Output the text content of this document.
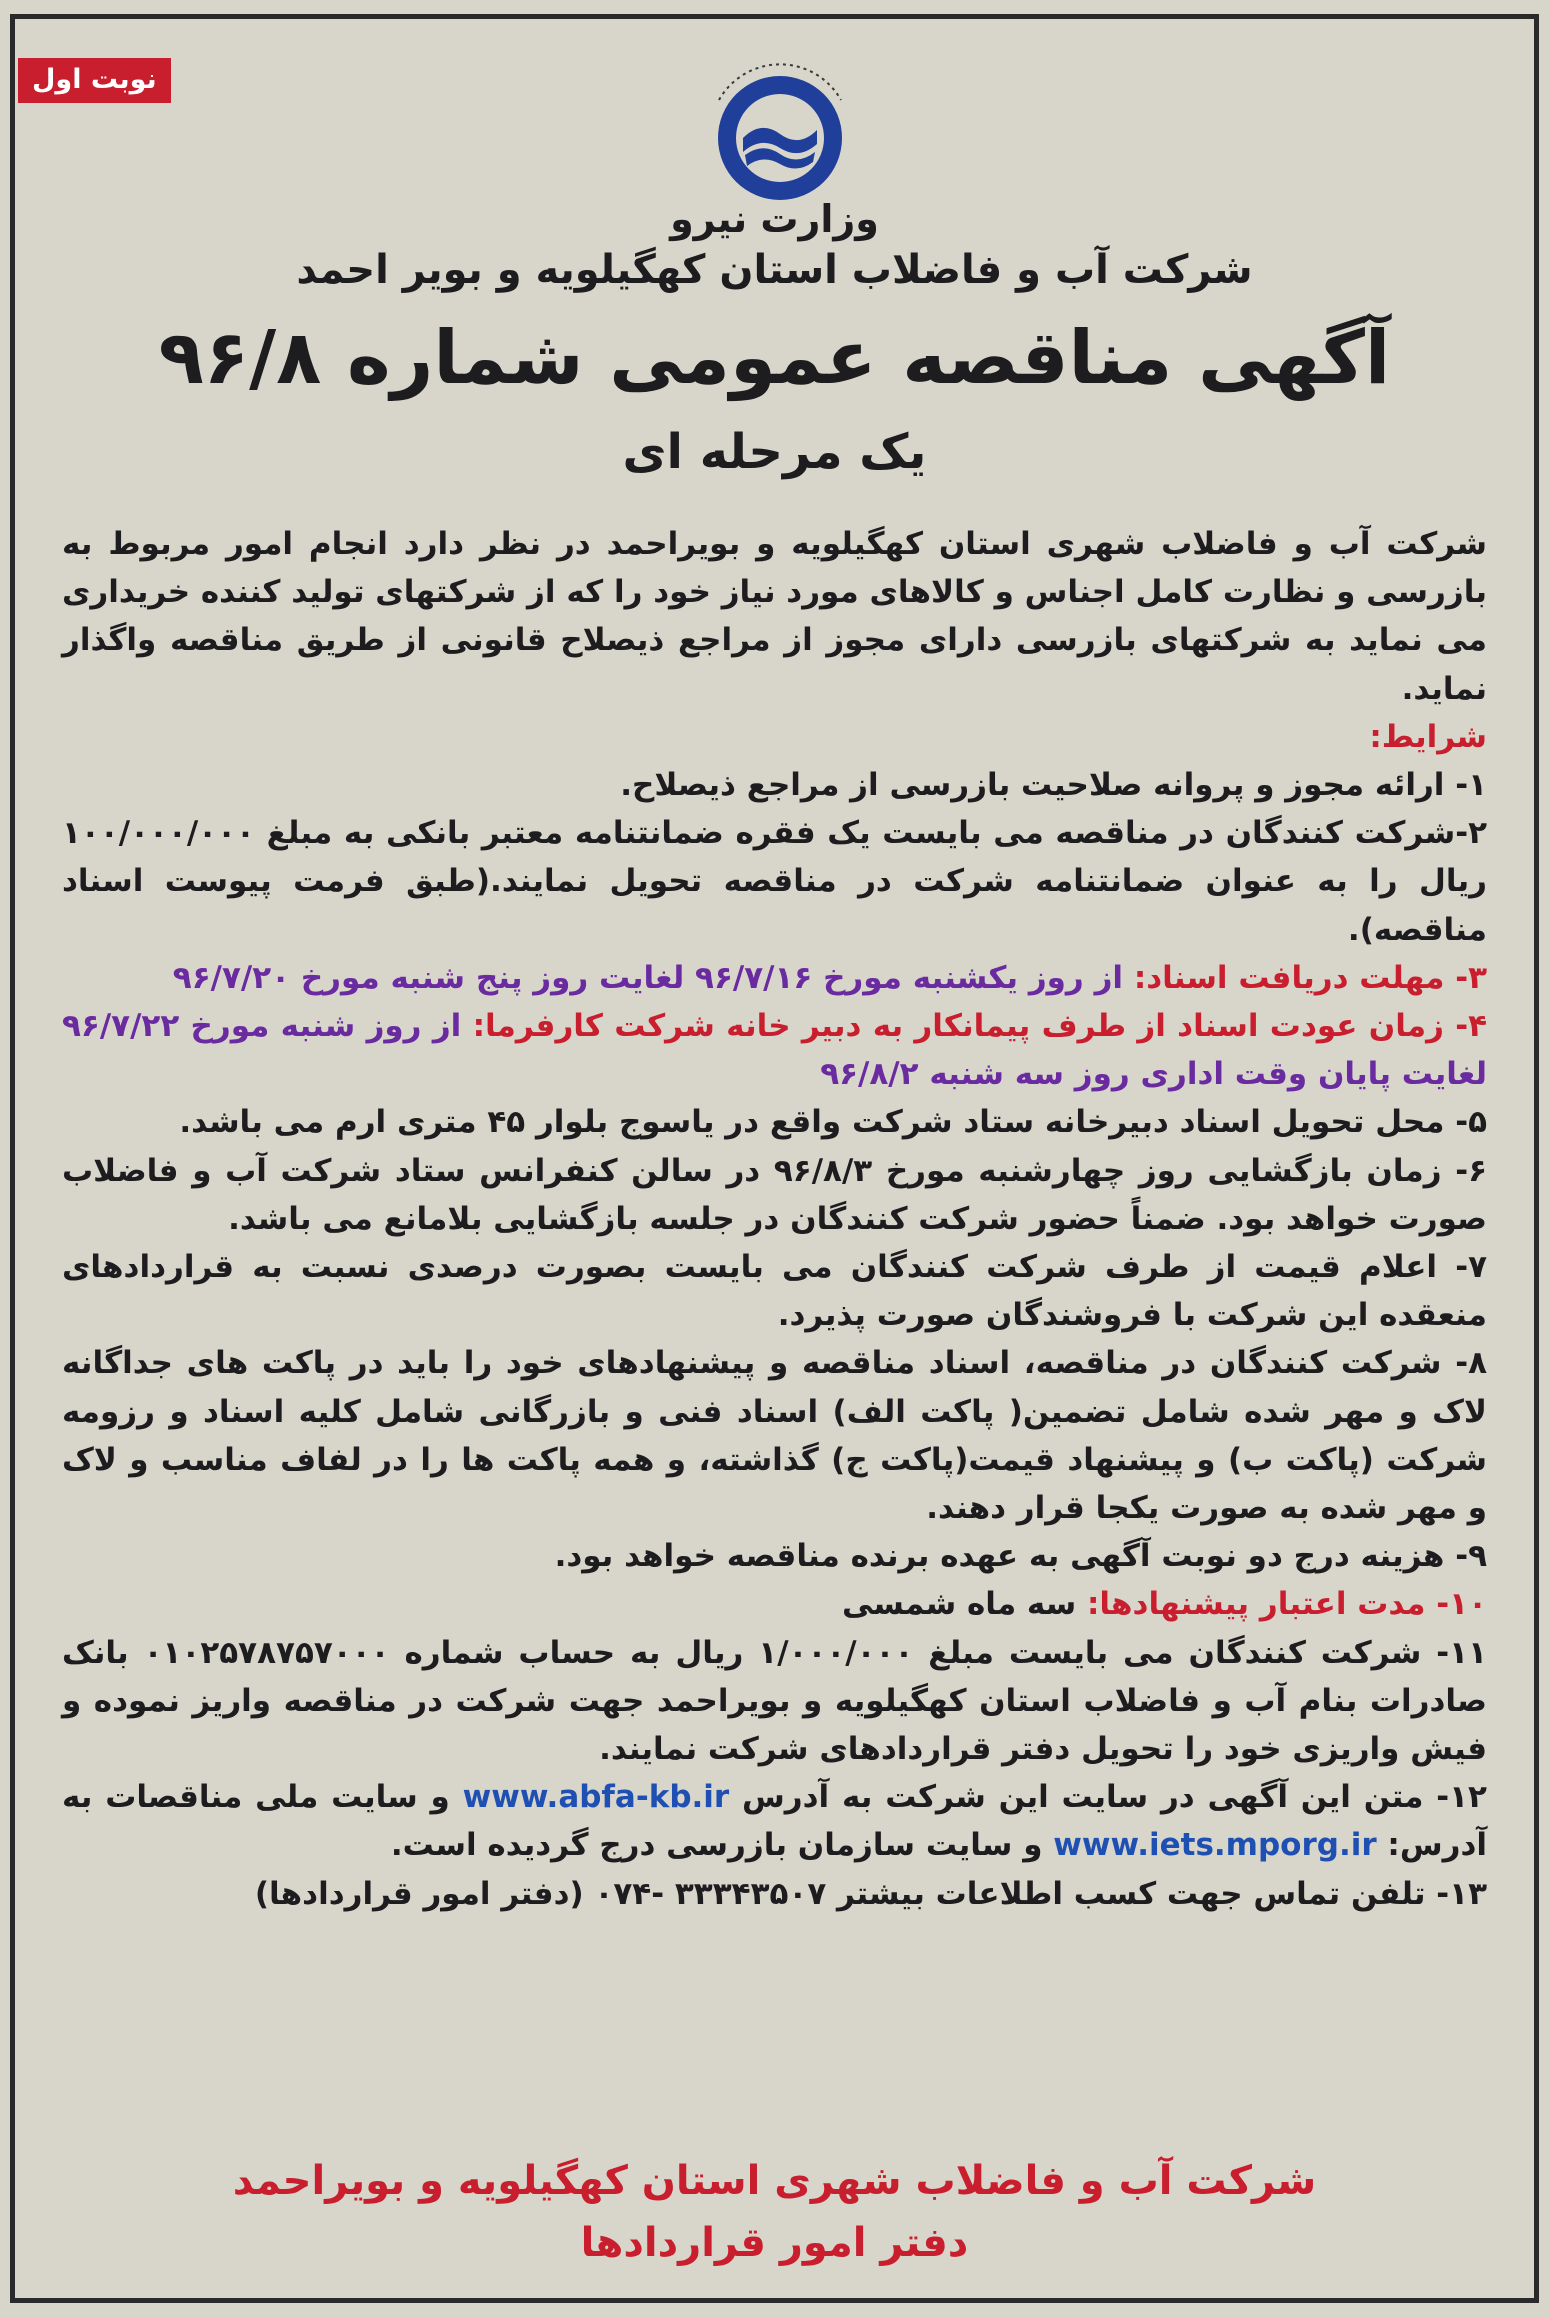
نوبت اول

وزارت نیرو

شرکت آب و فاضلاب استان کهگیلویه و بویر احمد

آگهی مناقصه عمومی شماره ۹۶/۸

یک مرحله ای

شرکت آب و فاضلاب شهری استان کهگیلویه و بویراحمد در نظر دارد انجام امور مربوط به بازرسی و نظارت کامل اجناس و کالاهای مورد نیاز خود را که از شرکتهای تولید کننده خریداری می نماید به شرکتهای بازرسی دارای مجوز از مراجع ذیصلاح قانونی از طریق مناقصه واگذار نماید.

شرایط:

۱- ارائه مجوز و پروانه صلاحیت بازرسی از مراجع ذیصلاح.

۲-شرکت کنندگان در مناقصه می بایست یک فقره ضمانتنامه معتبر بانکی به مبلغ ۱۰۰/۰۰۰/۰۰۰ ریال را به عنوان ضمانتنامه شرکت در مناقصه تحویل نمایند.(طبق فرمت پیوست اسناد مناقصه).

۳- مهلت دریافت اسناد: از روز یکشنبه مورخ ۹۶/۷/۱۶ لغایت روز پنج شنبه مورخ ۹۶/۷/۲۰

۴- زمان عودت اسناد از طرف پیمانکار به دبیر خانه شرکت کارفرما: از روز شنبه مورخ ۹۶/۷/۲۲ لغایت پایان وقت اداری روز سه شنبه ۹۶/۸/۲

۵- محل تحویل اسناد دبیرخانه ستاد شرکت واقع در یاسوج بلوار ۴۵ متری ارم می باشد.

۶- زمان بازگشایی روز چهارشنبه مورخ ۹۶/۸/۳ در سالن کنفرانس ستاد شرکت آب و فاضلاب صورت خواهد بود. ضمناً حضور شرکت کنندگان در جلسه بازگشایی بلامانع می باشد.

۷- اعلام قیمت از طرف شرکت کنندگان می بایست بصورت درصدی نسبت به قراردادهای منعقده این شرکت با فروشندگان صورت پذیرد.

۸- شرکت کنندگان در مناقصه، اسناد مناقصه و پیشنهادهای خود را باید در پاکت های جداگانه لاک و مهر شده شامل تضمین( پاکت الف) اسناد فنی و بازرگانی شامل کلیه اسناد و رزومه شرکت (پاکت ب) و پیشنهاد قیمت(پاکت ج) گذاشته، و همه پاکت ها را در لفاف مناسب و لاک و مهر شده به صورت یکجا قرار دهند.

۹- هزینه درج دو نوبت آگهی به عهده برنده مناقصه خواهد بود.

۱۰- مدت اعتبار پیشنهادها: سه ماه شمسی

۱۱- شرکت کنندگان می بایست مبلغ ۱/۰۰۰/۰۰۰ ریال به حساب شماره ۰۱۰۲۵۷۸۷۵۷۰۰۰ بانک صادرات بنام آب و فاضلاب استان کهگیلویه و بویراحمد جهت شرکت در مناقصه واریز نموده و فیش واریزی خود را تحویل دفتر قراردادهای شرکت نمایند.

۱۲- متن این آگهی در سایت این شرکت به آدرس www.abfa-kb.ir و سایت ملی مناقصات به آدرس: www.iets.mporg.ir و سایت سازمان بازرسی درج گردیده است.

۱۳- تلفن تماس جهت کسب اطلاعات بیشتر ۳۳۳۴۳۵۰۷ -۰۷۴ (دفتر امور قراردادها)

شرکت آب و فاضلاب شهری استان کهگیلویه و بویراحمد

دفتر امور قراردادها
